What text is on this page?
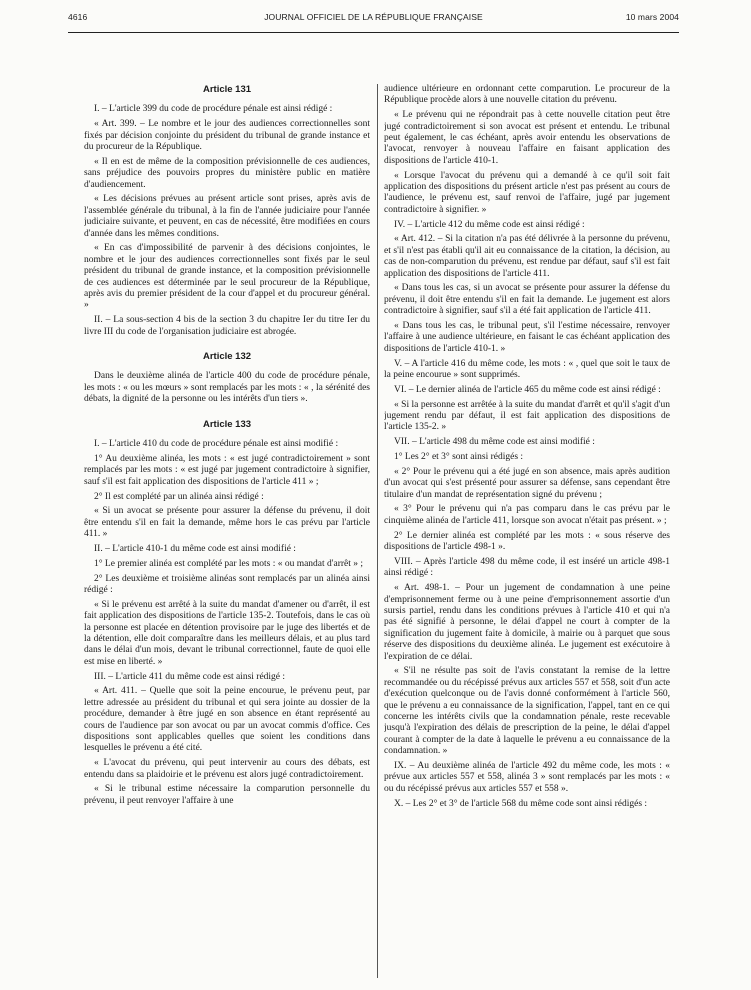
4616	JOURNAL OFFICIEL DE LA RÉPUBLIQUE FRANÇAISE	10 mars 2004
Article 131

I. – L'article 399 du code de procédure pénale est ainsi rédigé :

« Art. 399. – Le nombre et le jour des audiences correctionnelles sont fixés par décision conjointe du président du tribunal de grande instance et du procureur de la République.

« Il en est de même de la composition prévisionnelle de ces audiences, sans préjudice des pouvoirs propres du ministère public en matière d'audiencement.

« Les décisions prévues au présent article sont prises, après avis de l'assemblée générale du tribunal, à la fin de l'année judiciaire pour l'année judiciaire suivante, et peuvent, en cas de nécessité, être modifiées en cours d'année dans les mêmes conditions.

« En cas d'impossibilité de parvenir à des décisions conjointes, le nombre et le jour des audiences correctionnelles sont fixés par le seul président du tribunal de grande instance, et la composition prévisionnelle de ces audiences est déterminée par le seul procureur de la République, après avis du premier président de la cour d'appel et du procureur général. »

II. – La sous-section 4 bis de la section 3 du chapitre Ier du titre Ier du livre III du code de l'organisation judiciaire est abrogée.

Article 132

Dans le deuxième alinéa de l'article 400 du code de procédure pénale, les mots : « ou les mœurs » sont remplacés par les mots : « , la sérénité des débats, la dignité de la personne ou les intérêts d'un tiers ».

Article 133

I. – L'article 410 du code de procédure pénale est ainsi modifié :

1° Au deuxième alinéa, les mots : « est jugé contradictoirement » sont remplacés par les mots : « est jugé par jugement contradictoire à signifier, sauf s'il est fait application des dispositions de l'article 411 » ;

2° Il est complété par un alinéa ainsi rédigé :

« Si un avocat se présente pour assurer la défense du prévenu, il doit être entendu s'il en fait la demande, même hors le cas prévu par l'article 411. »

II. – L'article 410-1 du même code est ainsi modifié :

1° Le premier alinéa est complété par les mots : « ou mandat d'arrêt » ;

2° Les deuxième et troisième alinéas sont remplacés par un alinéa ainsi rédigé :

« Si le prévenu est arrêté à la suite du mandat d'amener ou d'arrêt, il est fait application des dispositions de l'article 135-2. Toutefois, dans le cas où la personne est placée en détention provisoire par le juge des libertés et de la détention, elle doit comparaître dans les meilleurs délais, et au plus tard dans le délai d'un mois, devant le tribunal correctionnel, faute de quoi elle est mise en liberté. »

III. – L'article 411 du même code est ainsi rédigé :

« Art. 411. – Quelle que soit la peine encourue, le prévenu peut, par lettre adressée au président du tribunal et qui sera jointe au dossier de la procédure, demander à être jugé en son absence en étant représenté au cours de l'audience par son avocat ou par un avocat commis d'office. Ces dispositions sont applicables quelles que soient les conditions dans lesquelles le prévenu a été cité.

« L'avocat du prévenu, qui peut intervenir au cours des débats, est entendu dans sa plaidoirie et le prévenu est alors jugé contradictoirement.

« Si le tribunal estime nécessaire la comparution personnelle du prévenu, il peut renvoyer l'affaire à une

audience ultérieure en ordonnant cette comparution. Le procureur de la République procède alors à une nouvelle citation du prévenu.

« Le prévenu qui ne répondrait pas à cette nouvelle citation peut être jugé contradictoirement si son avocat est présent et entendu. Le tribunal peut également, le cas échéant, après avoir entendu les observations de l'avocat, renvoyer à nouveau l'affaire en faisant application des dispositions de l'article 410-1.

« Lorsque l'avocat du prévenu qui a demandé à ce qu'il soit fait application des dispositions du présent article n'est pas présent au cours de l'audience, le prévenu est, sauf renvoi de l'affaire, jugé par jugement contradictoire à signifier. »

IV. – L'article 412 du même code est ainsi rédigé :

« Art. 412. – Si la citation n'a pas été délivrée à la personne du prévenu, et s'il n'est pas établi qu'il ait eu connaissance de la citation, la décision, au cas de non-comparution du prévenu, est rendue par défaut, sauf s'il est fait application des dispositions de l'article 411.

« Dans tous les cas, si un avocat se présente pour assurer la défense du prévenu, il doit être entendu s'il en fait la demande. Le jugement est alors contradictoire à signifier, sauf s'il a été fait application de l'article 411.

« Dans tous les cas, le tribunal peut, s'il l'estime nécessaire, renvoyer l'affaire à une audience ultérieure, en faisant le cas échéant application des dispositions de l'article 410-1. »

V. – A l'article 416 du même code, les mots : « , quel que soit le taux de la peine encourue » sont supprimés.

VI. – Le dernier alinéa de l'article 465 du même code est ainsi rédigé :

« Si la personne est arrêtée à la suite du mandat d'arrêt et qu'il s'agit d'un jugement rendu par défaut, il est fait application des dispositions de l'article 135-2. »

VII. – L'article 498 du même code est ainsi modifié :

1° Les 2° et 3° sont ainsi rédigés :

« 2° Pour le prévenu qui a été jugé en son absence, mais après audition d'un avocat qui s'est présenté pour assurer sa défense, sans cependant être titulaire d'un mandat de représentation signé du prévenu ;

« 3° Pour le prévenu qui n'a pas comparu dans le cas prévu par le cinquième alinéa de l'article 411, lorsque son avocat n'était pas présent. » ;

2° Le dernier alinéa est complété par les mots : « sous réserve des dispositions de l'article 498-1 ».

VIII. – Après l'article 498 du même code, il est inséré un article 498-1 ainsi rédigé :

« Art. 498-1. – Pour un jugement de condamnation à une peine d'emprisonnement ferme ou à une peine d'emprisonnement assortie d'un sursis partiel, rendu dans les conditions prévues à l'article 410 et qui n'a pas été signifié à personne, le délai d'appel ne court à compter de la signification du jugement faite à domicile, à mairie ou à parquet que sous réserve des dispositions du deuxième alinéa. Le jugement est exécutoire à l'expiration de ce délai.

« S'il ne résulte pas soit de l'avis constatant la remise de la lettre recommandée ou du récépissé prévus aux articles 557 et 558, soit d'un acte d'exécution quelconque ou de l'avis donné conformément à l'article 560, que le prévenu a eu connaissance de la signification, l'appel, tant en ce qui concerne les intérêts civils que la condamnation pénale, reste recevable jusqu'à l'expiration des délais de prescription de la peine, le délai d'appel courant à compter de la date à laquelle le prévenu a eu connaissance de la condamnation. »

IX. – Au deuxième alinéa de l'article 492 du même code, les mots : « prévue aux articles 557 et 558, alinéa 3 » sont remplacés par les mots : « ou du récépissé prévus aux articles 557 et 558 ».

X. – Les 2° et 3° de l'article 568 du même code sont ainsi rédigés :
